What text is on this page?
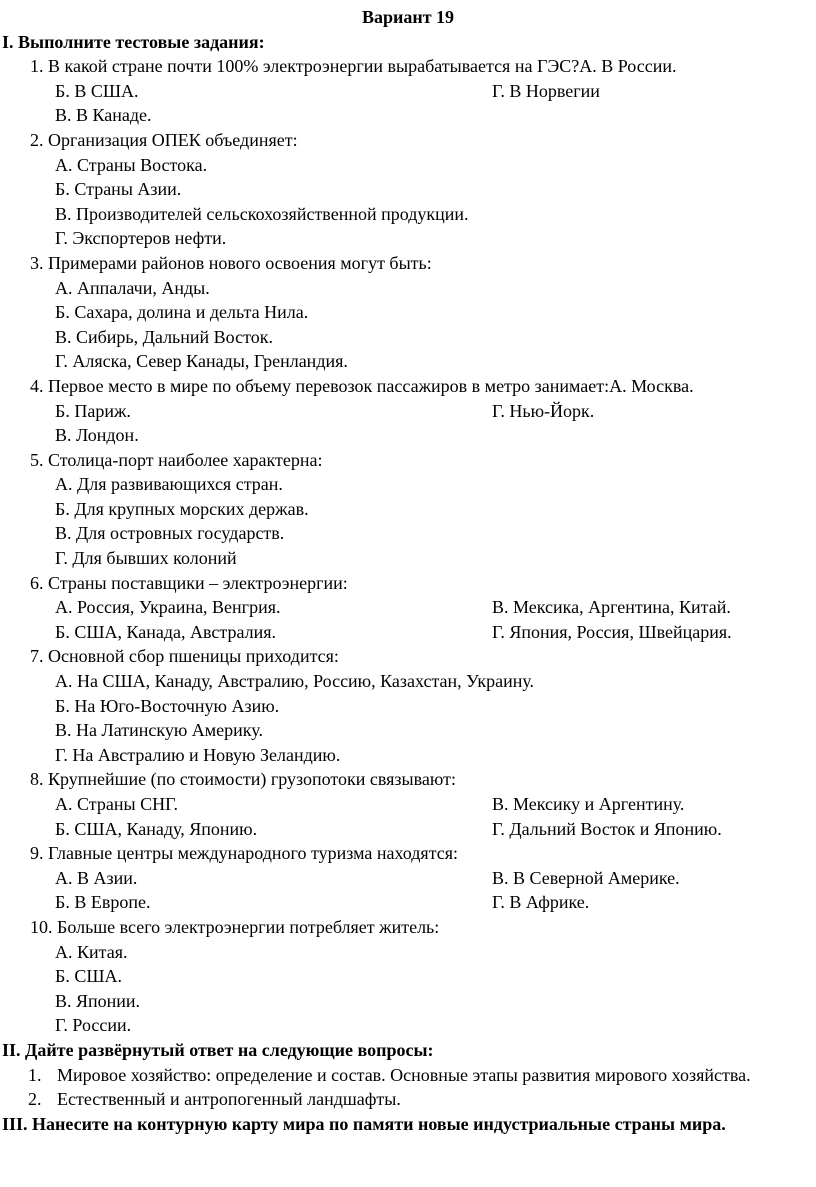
Вариант 19
I. Выполните тестовые задания:
1. В какой стране почти 100% электроэнергии вырабатывается на ГЭС?А. В России.
Б. В США.	Г. В Норвегии
В. В Канаде.
2. Организация ОПЕК объединяет:
А. Страны Востока.
Б. Страны Азии.
В. Производителей сельскохозяйственной продукции.
Г. Экспортеров нефти.
3. Примерами районов нового освоения могут быть:
А. Аппалачи, Анды.
Б. Сахара, долина и дельта Нила.
В. Сибирь, Дальний Восток.
Г. Аляска, Север Канады, Гренландия.
4. Первое место в мире по объему перевозок пассажиров в метро занимает:А. Москва.
Б. Париж.	Г. Нью-Йорк.
В. Лондон.
5. Столица-порт наиболее характерна:
А. Для развивающихся стран.
Б. Для крупных морских держав.
В. Для островных государств.
Г. Для бывших колоний
6. Страны поставщики – электроэнергии:
А. Россия, Украина, Венгрия.	В. Мексика, Аргентина, Китай.
Б. США, Канада, Австралия.	Г. Япония, Россия, Швейцария.
7. Основной сбор пшеницы приходится:
А. На США, Канаду, Австралию, Россию, Казахстан, Украину.
Б. На Юго-Восточную Азию.
В. На Латинскую Америку.
Г. На Австралию и Новую Зеландию.
8. Крупнейшие (по стоимости) грузопотоки связывают:
А. Страны СНГ.	В. Мексику и Аргентину.
Б. США, Канаду, Японию.	Г. Дальний Восток и Японию.
9. Главные центры международного туризма находятся:
А. В Азии.	В. В Северной Америке.
Б. В Европе.	Г. В Африке.
10. Больше всего электроэнергии потребляет житель:
А. Китая.
Б. США.
В. Японии.
Г. России.
II. Дайте развёрнутый ответ на следующие вопросы:
1. Мировое хозяйство: определение и состав. Основные этапы развития мирового хозяйства.
2. Естественный и антропогенный ландшафты.
III. Нанесите на контурную карту мира по памяти новые индустриальные страны мира.
